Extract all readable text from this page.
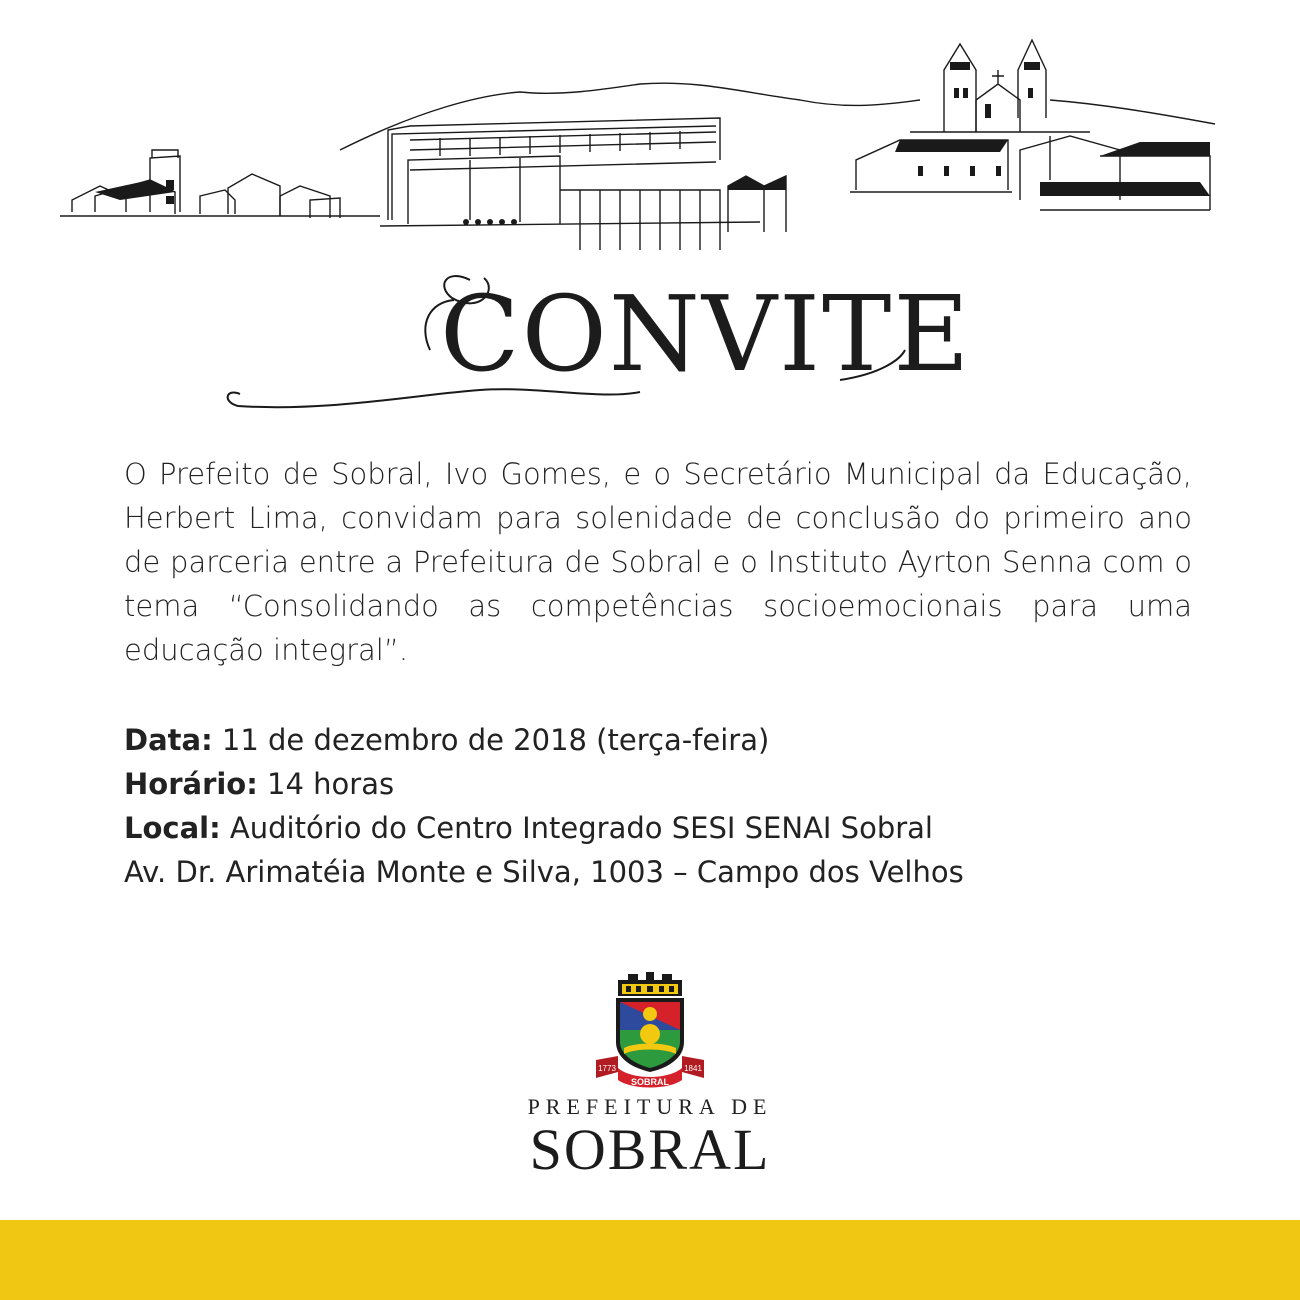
CONVITE

O Prefeito de Sobral, Ivo Gomes, e o Secretário Municipal da Educação, Herbert Lima, convidam para solenidade de conclusão do primeiro ano de parceria entre a Prefeitura de Sobral e o Instituto Ayrton Senna com o tema “Consolidando as competências socioemocionais para uma educação integral”.

Data: 11 de dezembro de 2018 (terça-feira)
Horário: 14 horas
Local: Auditório do Centro Integrado SESI SENAI Sobral
Av. Dr. Arimatéia Monte e Silva, 1003 – Campo dos Velhos
1773	1841
SOBRAL
PREFEITURA DE
SOBRAL
